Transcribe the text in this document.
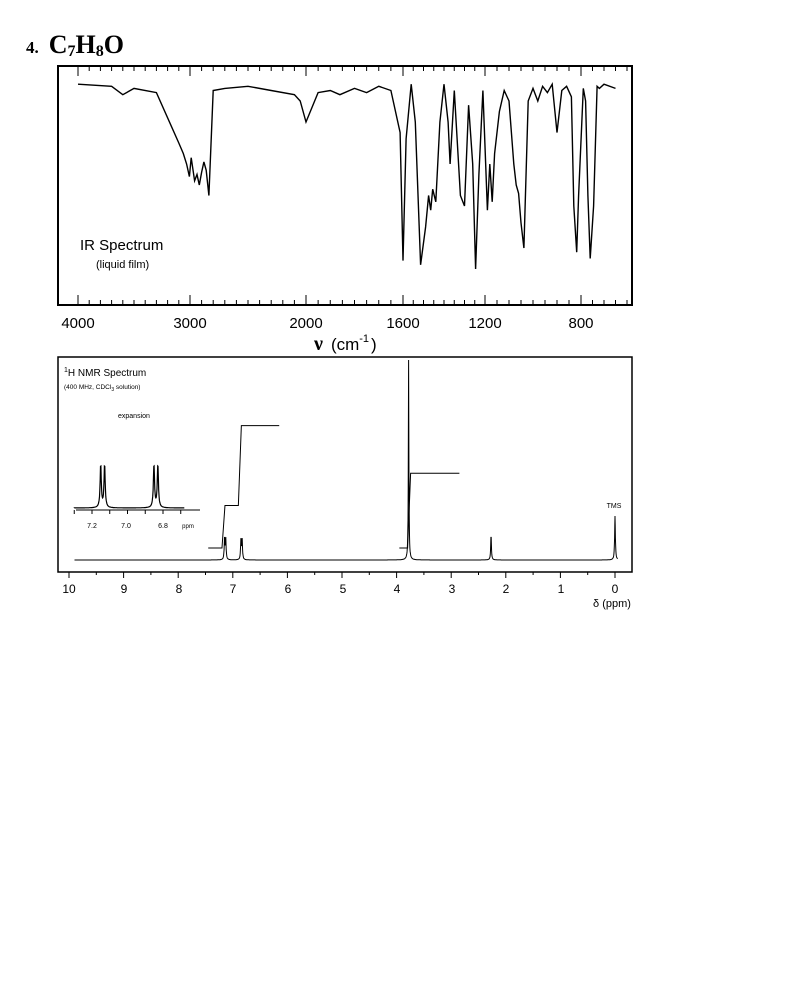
4. $C_7H_8O$
IR Spectrum
(liquid film)
4000	3000	2000	1600	1200	800
ν ($cm^{-1}$ )
$^1$H NMR Spectrum
(400 MHz, CDCl$_3$ solution)
expansion
7.2	7.0	6.8 ppm
TMS
10	9	8	7	6	5	4	3	2	1	0
δ (ppm)
